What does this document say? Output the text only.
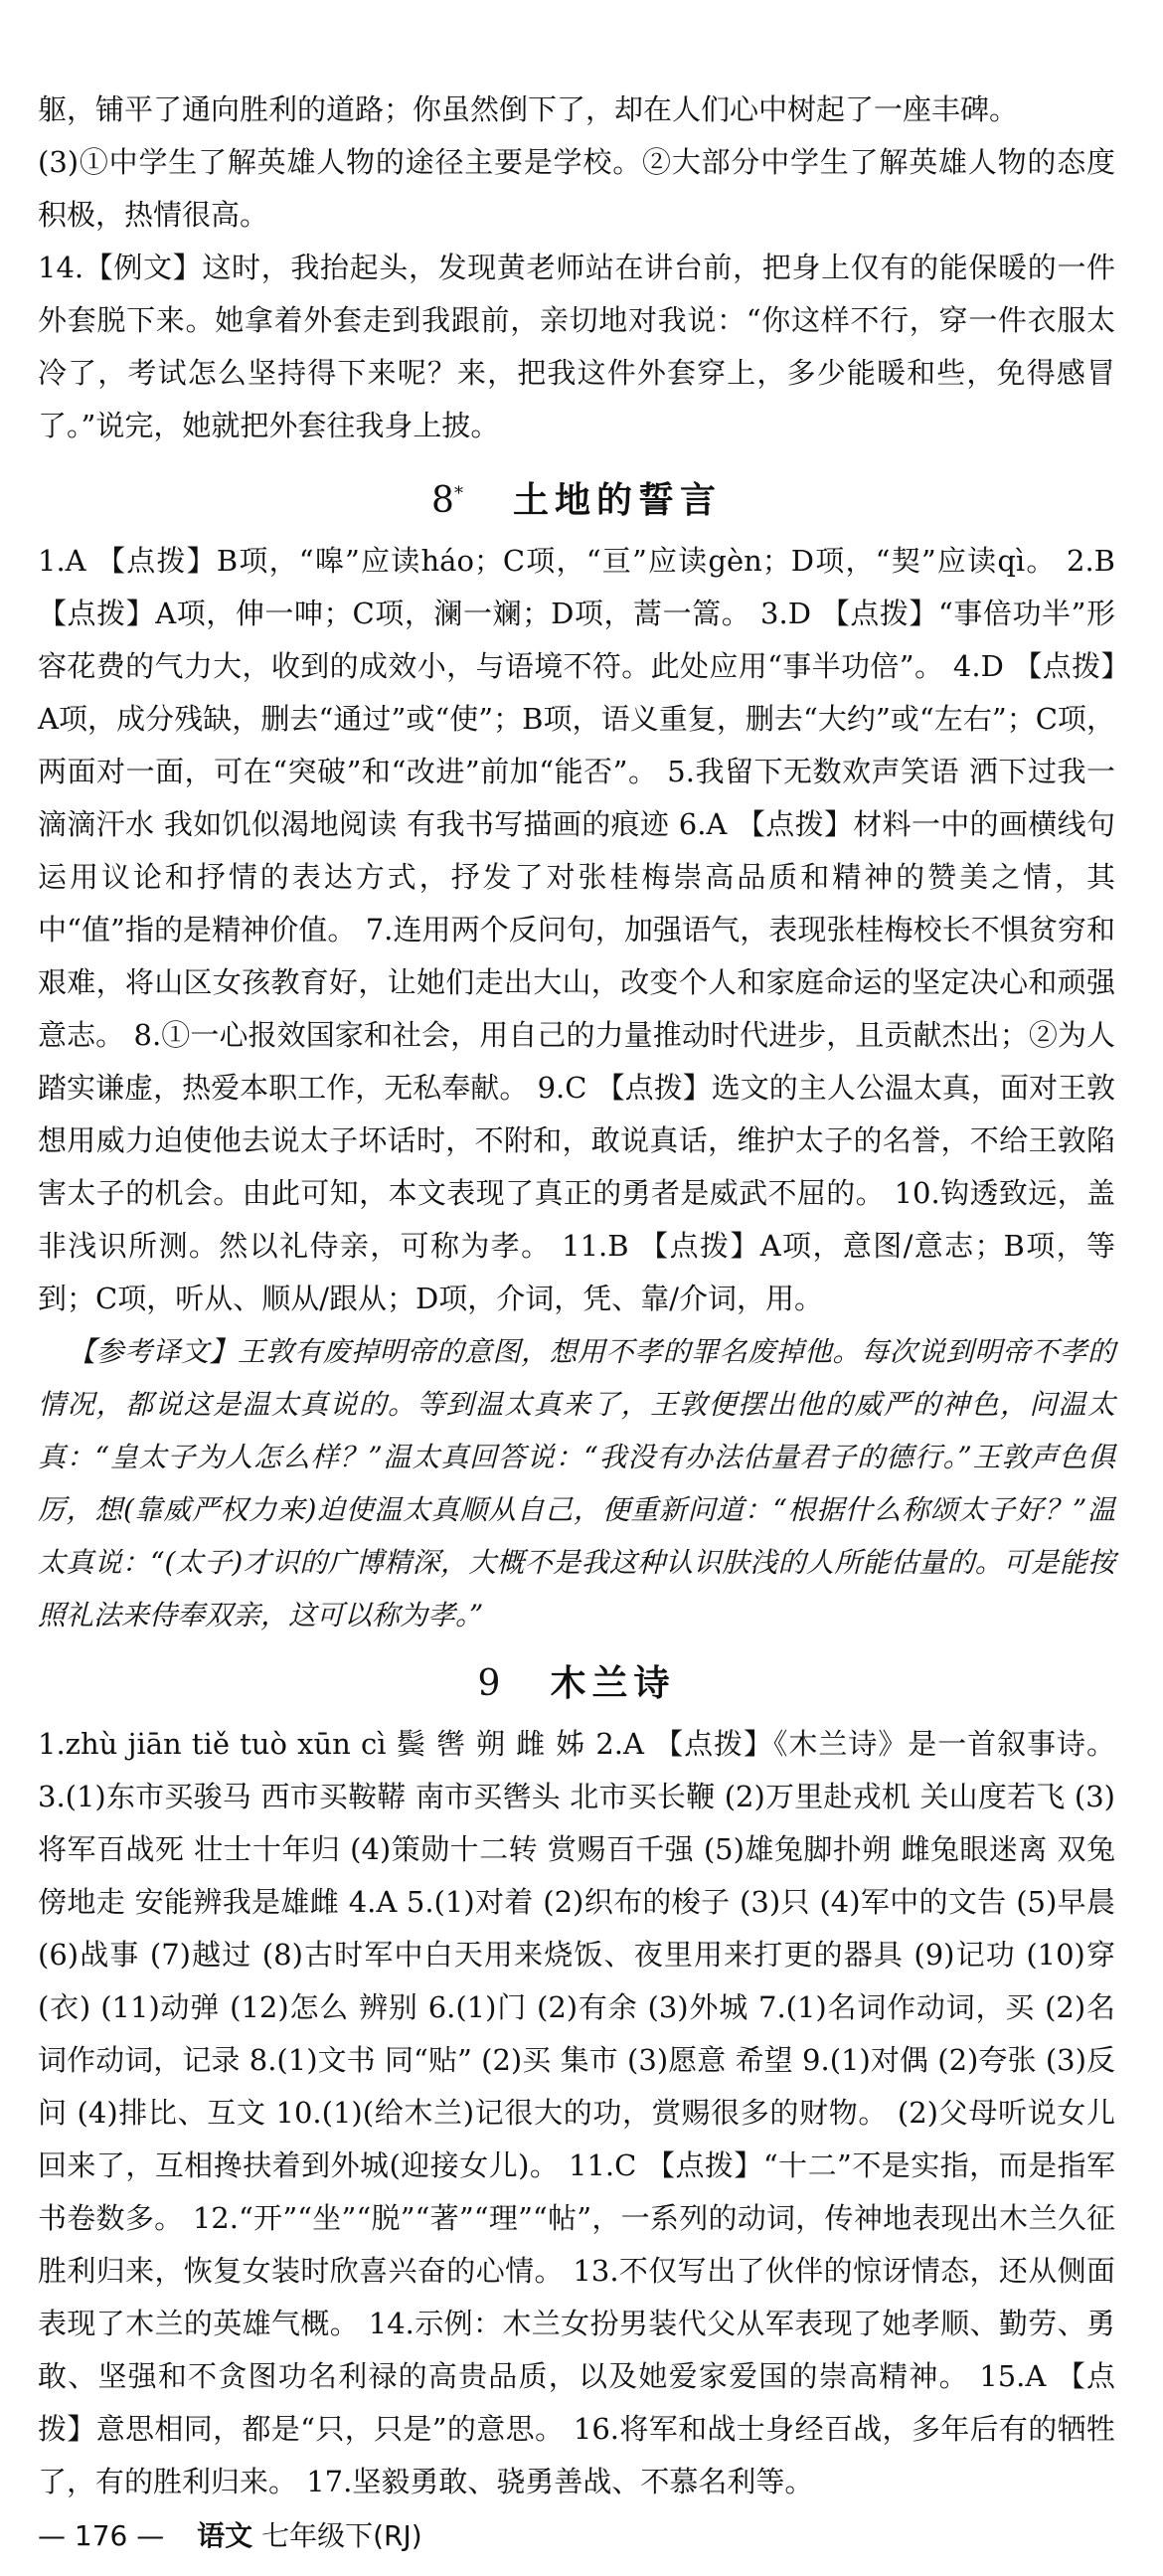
躯，铺平了通向胜利的道路；你虽然倒下了，却在人们心中树起了一座丰碑。

(3)①中学生了解英雄人物的途径主要是学校。②大部分中学生了解英雄人物的态度积极，热情很高。

14.【例文】这时，我抬起头，发现黄老师站在讲台前，把身上仅有的能保暖的一件外套脱下来。她拿着外套走到我跟前，亲切地对我说：“你这样不行，穿一件衣服太冷了，考试怎么坚持得下来呢？来，把我这件外套穿上，多少能暖和些，免得感冒了。”说完，她就把外套往我身上披。

8* 土地的誓言

1.A 【点拨】B项，“嗥”应读háo；C项，“亘”应读gèn；D项，“契”应读qì。 2.B 【点拨】A项，伸一呻；C项，澜一斓；D项，蒿一篙。 3.D 【点拨】“事倍功半”形容花费的气力大，收到的成效小，与语境不符。此处应用“事半功倍”。 4.D 【点拨】A项，成分残缺，删去“通过”或“使”；B项，语义重复，删去“大约”或“左右”；C项，两面对一面，可在“突破”和“改进”前加“能否”。 5.我留下无数欢声笑语 洒下过我一滴滴汗水 我如饥似渴地阅读 有我书写描画的痕迹 6.A 【点拨】材料一中的画横线句运用议论和抒情的表达方式，抒发了对张桂梅崇高品质和精神的赞美之情，其中“值”指的是精神价值。 7.连用两个反问句，加强语气，表现张桂梅校长不惧贫穷和艰难，将山区女孩教育好，让她们走出大山，改变个人和家庭命运的坚定决心和顽强意志。 8.①一心报效国家和社会，用自己的力量推动时代进步，且贡献杰出；②为人踏实谦虚，热爱本职工作，无私奉献。 9.C 【点拨】选文的主人公温太真，面对王敦想用威力迫使他去说太子坏话时，不附和，敢说真话，维护太子的名誉，不给王敦陷害太子的机会。由此可知，本文表现了真正的勇者是威武不屈的。 10.钩透致远，盖非浅识所测。然以礼侍亲，可称为孝。 11.B 【点拨】A项，意图/意志；B项，等到；C项，听从、顺从/跟从；D项，介词，凭、靠/介词，用。

【参考译文】王敦有废掉明帝的意图，想用不孝的罪名废掉他。每次说到明帝不孝的情况，都说这是温太真说的。等到温太真来了，王敦便摆出他的威严的神色，问温太真：“皇太子为人怎么样？”温太真回答说：“我没有办法估量君子的德行。”王敦声色俱厉，想(靠威严权力来)迫使温太真顺从自己，便重新问道：“根据什么称颂太子好？”温太真说：“(太子)才识的广博精深，大概不是我这种认识肤浅的人所能估量的。可是能按照礼法来侍奉双亲，这可以称为孝。”

9 木兰诗

1.zhù jiān tiě tuò xūn cì 鬓 辔 朔 雌 姊 2.A 【点拨】《木兰诗》是一首叙事诗。 3.(1)东市买骏马 西市买鞍鞯 南市买辔头 北市买长鞭 (2)万里赴戎机 关山度若飞 (3)将军百战死 壮士十年归 (4)策勋十二转 赏赐百千强 (5)雄兔脚扑朔 雌兔眼迷离 双兔傍地走 安能辨我是雄雌 4.A 5.(1)对着 (2)织布的梭子 (3)只 (4)军中的文告 (5)早晨 (6)战事 (7)越过 (8)古时军中白天用来烧饭、夜里用来打更的器具 (9)记功 (10)穿(衣) (11)动弹 (12)怎么 辨别 6.(1)门 (2)有余 (3)外城 7.(1)名词作动词，买 (2)名词作动词，记录 8.(1)文书 同“贴” (2)买 集市 (3)愿意 希望 9.(1)对偶 (2)夸张 (3)反问 (4)排比、互文 10.(1)(给木兰)记很大的功，赏赐很多的财物。 (2)父母听说女儿回来了，互相搀扶着到外城(迎接女儿)。 11.C 【点拨】“十二”不是实指，而是指军书卷数多。 12.“开”“坐”“脱”“著”“理”“帖”，一系列的动词，传神地表现出木兰久征胜利归来，恢复女装时欣喜兴奋的心情。 13.不仅写出了伙伴的惊讶情态，还从侧面表现了木兰的英雄气概。 14.示例：木兰女扮男装代父从军表现了她孝顺、勤劳、勇敢、坚强和不贪图功名利禄的高贵品质，以及她爱家爱国的崇高精神。 15.A 【点拨】意思相同，都是“只，只是”的意思。 16.将军和战士身经百战，多年后有的牺牲了，有的胜利归来。 17.坚毅勇敢、骁勇善战、不慕名利等。

— 176 — 语文 七年级下(RJ)
